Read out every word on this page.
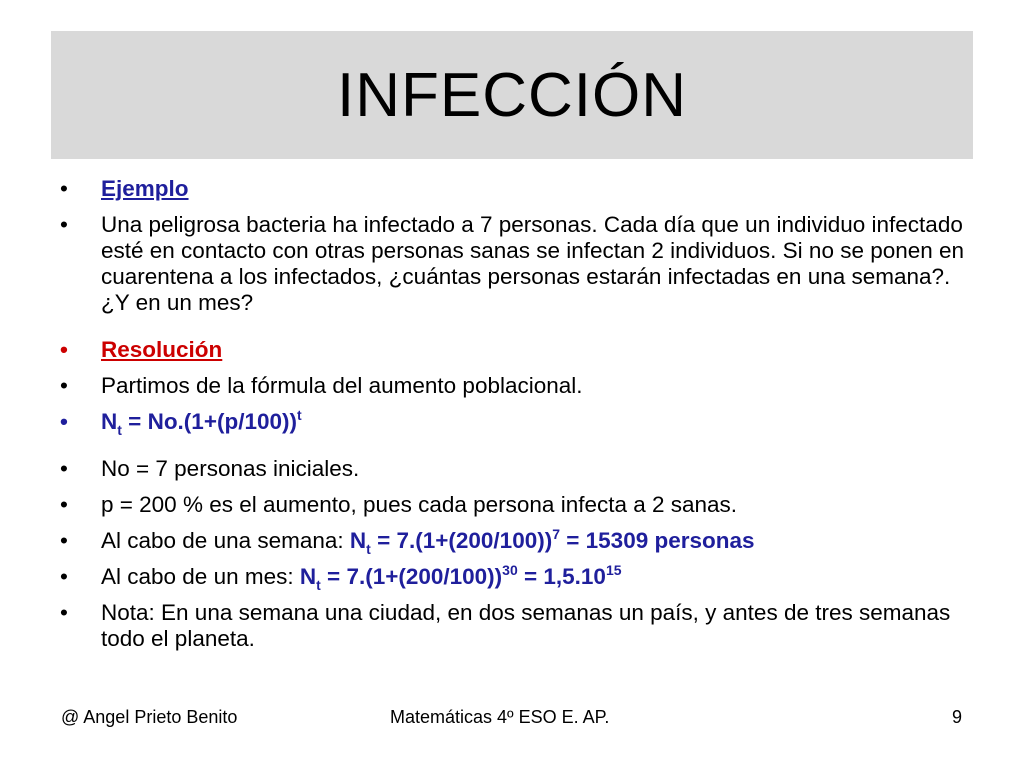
INFECCIÓN
• Ejemplo
• Una peligrosa bacteria ha infectado a 7 personas. Cada día que un individuo infectado esté en contacto con otras personas sanas se infectan 2 individuos. Si no se ponen en cuarentena a los infectados, ¿cuántas personas estarán infectadas en una semana?. ¿Y en un mes?
• Resolución
• Partimos de la fórmula del aumento poblacional.
• $N_t = No.(1+(p/100))^t$
• No = 7 personas iniciales.
• p = 200 % es el aumento, pues cada persona infecta a 2 sanas.
• Al cabo de una semana: $N_t = 7.(1+(200/100))^7 = 15309$ personas
• Al cabo de un mes: $N_t = 7.(1+(200/100))^{30} = 1,5.10^{15}$
• Nota: En una semana una ciudad, en dos semanas un país, y antes de tres semanas todo el planeta.
@ Angel Prieto Benito	Matemáticas 4º ESO E. AP.	9
